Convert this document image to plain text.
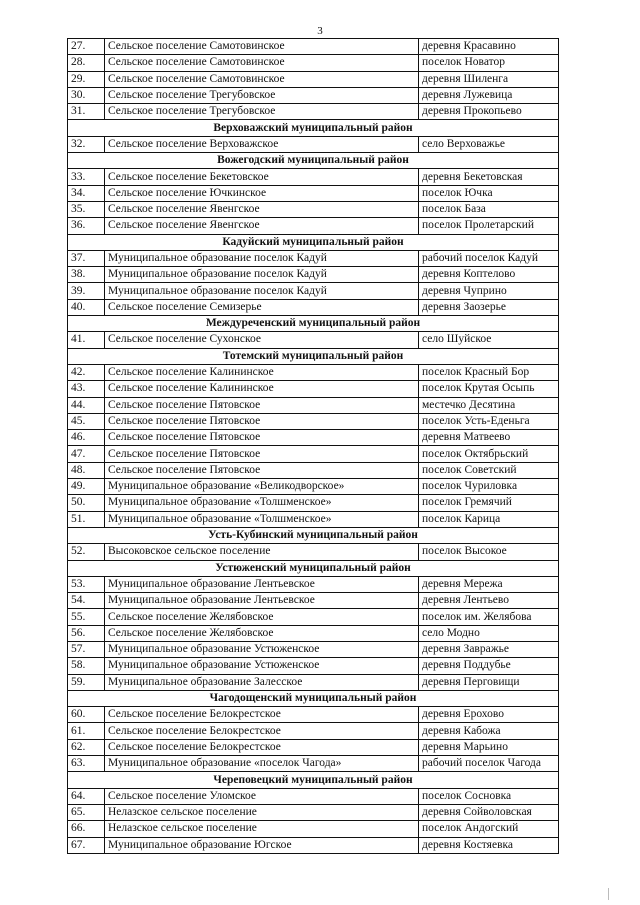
3
27.	Сельское поселение Самотовинское	деревня Красавино
28.	Сельское поселение Самотовинское	поселок Новатор
29.	Сельское поселение Самотовинское	деревня Шиленга
30.	Сельское поселение Трегубовское	деревня Лужевица
31.	Сельское поселение Трегубовское	деревня Прокопьево
Верховажский муниципальный район		
32.	Сельское поселение Верховажское	село Верховажье
Вожегодский муниципальный район		
33.	Сельское поселение Бекетовское	деревня Бекетовская
34.	Сельское поселение Ючкинское	поселок Ючка
35.	Сельское поселение Явенгское	поселок База
36.	Сельское поселение Явенгское	поселок Пролетарский
Кадуйский муниципальный район		
37.	Муниципальное образование поселок Кадуй	рабочий поселок Кадуй
38.	Муниципальное образование поселок Кадуй	деревня Коптелово
39.	Муниципальное образование поселок Кадуй	деревня Чуприно
40.	Сельское поселение Семизерье	деревня Заозерье
Междуреченский муниципальный район		
41.	Сельское поселение Сухонское	село Шуйское
Тотемский муниципальный район		
42.	Сельское поселение Калининское	поселок Красный Бор
43.	Сельское поселение Калининское	поселок Крутая Осыпь
44.	Сельское поселение Пятовское	местечко Десятина
45.	Сельское поселение Пятовское	поселок Усть-Еденьга
46.	Сельское поселение Пятовское	деревня Матвеево
47.	Сельское поселение Пятовское	поселок Октябрьский
48.	Сельское поселение Пятовское	поселок Советский
49.	Муниципальное образование «Великодворское»	поселок Чуриловка
50.	Муниципальное образование «Толшменское»	поселок Гремячий
51.	Муниципальное образование «Толшменское»	поселок Карица
Усть-Кубинский муниципальный район		
52.	Высоковское сельское поселение	поселок Высокое
Устюженский муниципальный район		
53.	Муниципальное образование Лентьевское	деревня Мережа
54.	Муниципальное образование Лентьевское	деревня Лентьево
55.	Сельское поселение Желябовское	поселок им. Желябова
56.	Сельское поселение Желябовское	село Модно
57.	Муниципальное образование Устюженское	деревня Завражье
58.	Муниципальное образование Устюженское	деревня Поддубье
59.	Муниципальное образование Залесское	деревня Перговищи
Чагодощенский муниципальный район		
60.	Сельское поселение Белокрестское	деревня Ерохово
61.	Сельское поселение Белокрестское	деревня Кабожа
62.	Сельское поселение Белокрестское	деревня Марьино
63.	Муниципальное образование «поселок Чагода»	рабочий поселок Чагода
Череповецкий муниципальный район		
64.	Сельское поселение Уломское	поселок Сосновка
65.	Нелазское сельское поселение	деревня Сойволовская
66.	Нелазское сельское поселение	поселок Андогский
67.	Муниципальное образование Югское	деревня Костяевка
